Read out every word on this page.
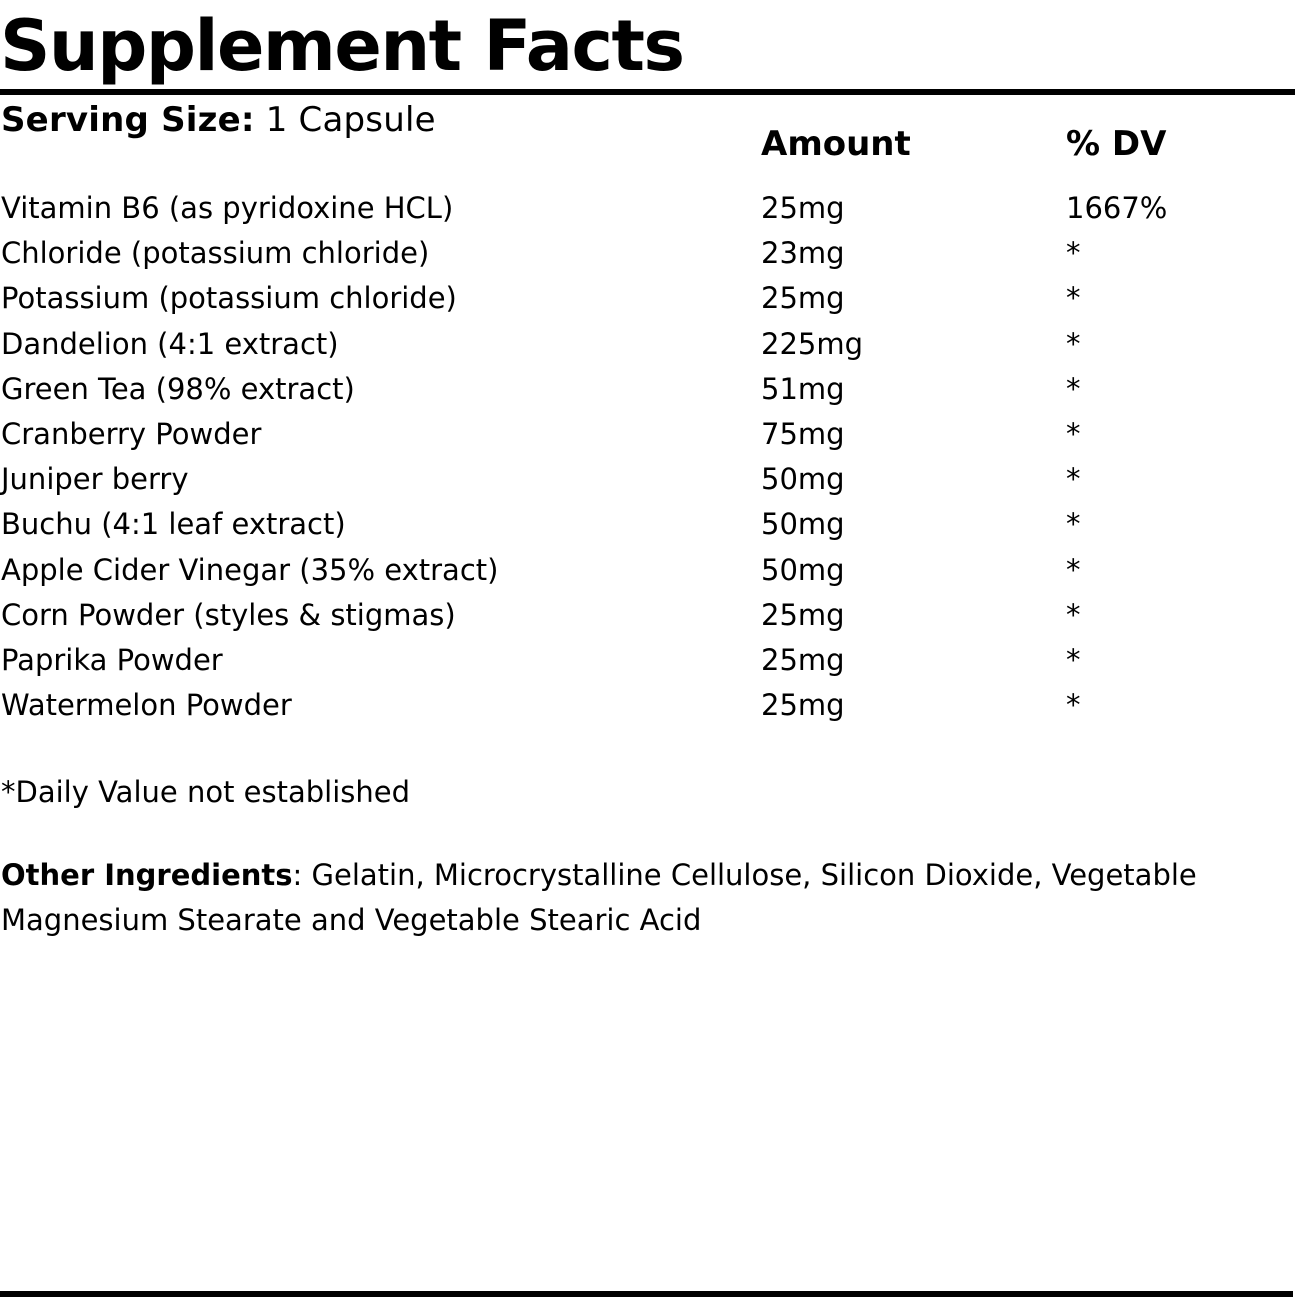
Supplement Facts
Serving Size: 1 Capsule
Amount	% DV
Vitamin B6 (as pyridoxine HCL)	25mg	1667%
Chloride (potassium chloride)	23mg	*
Potassium (potassium chloride)	25mg	*
Dandelion (4:1 extract)	225mg	*
Green Tea (98% extract)	51mg	*
Cranberry Powder	75mg	*
Juniper berry	50mg	*
Buchu (4:1 leaf extract)	50mg	*
Apple Cider Vinegar (35% extract)	50mg	*
Corn Powder (styles & stigmas)	25mg	*
Paprika Powder	25mg	*
Watermelon Powder	25mg	*
*Daily Value not established
Other Ingredients: Gelatin, Microcrystalline Cellulose, Silicon Dioxide, Vegetable Magnesium Stearate and Vegetable Stearic Acid
